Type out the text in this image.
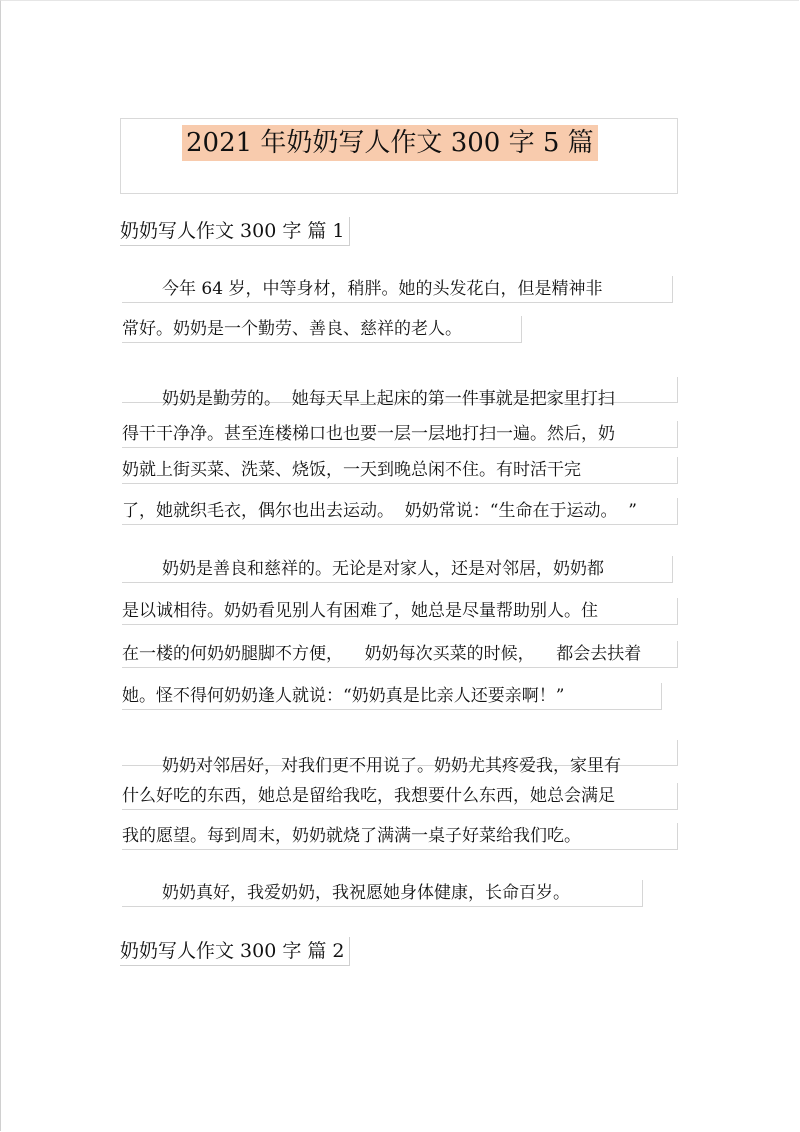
2021 年奶奶写人作文 300 字 5 篇
奶奶写人作文 300 字 篇 1
今年 64 岁，中等身材，稍胖。她的头发花白，但是精神非
常好。奶奶是一个勤劳、善良、慈祥的老人。
奶奶是勤劳的。  她每天早上起床的第一件事就是把家里打扫
得干干净净。甚至连楼梯口也也要一层一层地打扫一遍。然后，奶
奶就上街买菜、洗菜、烧饭，一天到晚总闲不住。有时活干完
了，她就织毛衣，偶尔也出去运动。  奶奶常说：“生命在于运动。  ”
奶奶是善良和慈祥的。无论是对家人，还是对邻居，奶奶都
是以诚相待。奶奶看见别人有困难了，她总是尽量帮助别人。住
在一楼的何奶奶腿脚不方便，    奶奶每次买菜的时候，    都会去扶着
她。怪不得何奶奶逢人就说：“奶奶真是比亲人还要亲啊！”
奶奶对邻居好，对我们更不用说了。奶奶尤其疼爱我，家里有
什么好吃的东西，她总是留给我吃，我想要什么东西，她总会满足
我的愿望。每到周末，奶奶就烧了满满一桌子好菜给我们吃。
奶奶真好，我爱奶奶，我祝愿她身体健康，长命百岁。
奶奶写人作文 300 字 篇 2
